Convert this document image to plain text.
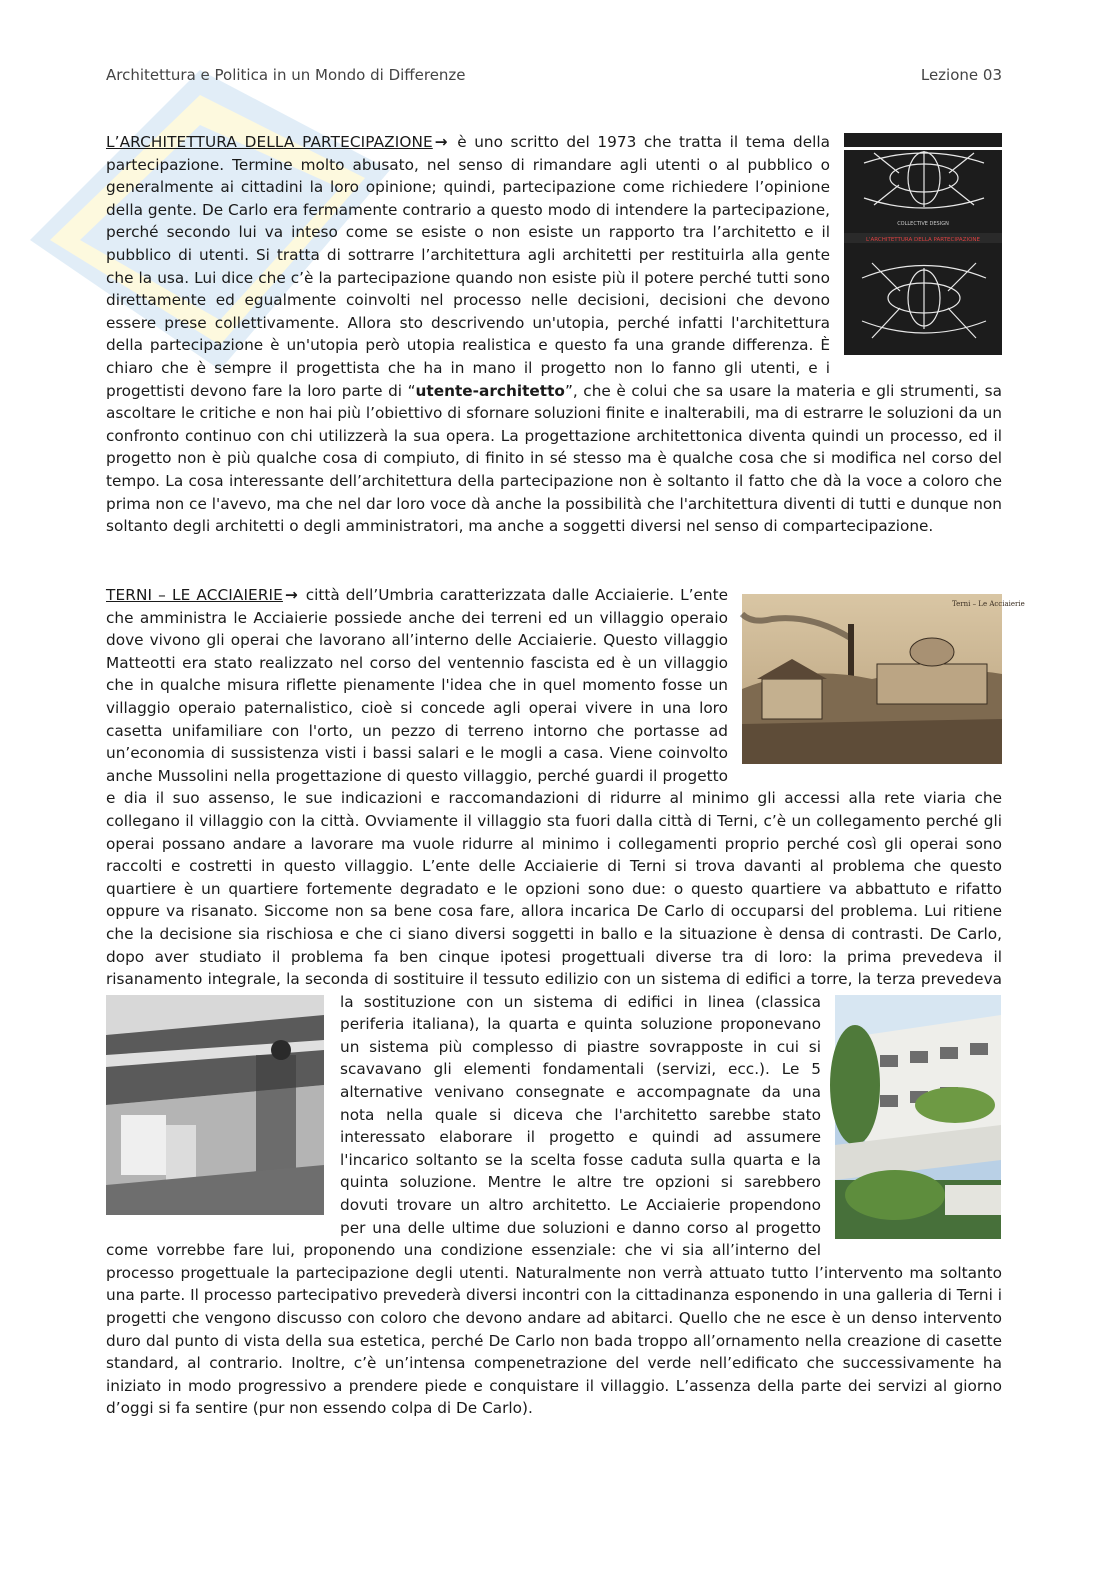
Architettura e Politica in un Mondo di Differenze	Lezione 03
COLLECTIVE DESIGN
L'ARCHITETTURA DELLA PARTECIPAZIONE
L’ARCHITETTURA DELLA PARTECIPAZIONE → è uno scritto del 1973 che tratta il tema della partecipazione. Termine molto abusato, nel senso di rimandare agli utenti o al pubblico o generalmente ai cittadini la loro opinione; quindi, partecipazione come richiedere l’opinione della gente. De Carlo era fermamente contrario a questo modo di intendere la partecipazione, perché secondo lui va inteso come se esiste o non esiste un rapporto tra l’architetto e il pubblico di utenti. Si tratta di sottrarre l’architettura agli architetti per restituirla alla gente che la usa. Lui dice che c’è la partecipazione quando non esiste più il potere perché tutti sono direttamente ed egualmente coinvolti nel processo nelle decisioni, decisioni che devono essere prese collettivamente. Allora sto descrivendo un'utopia, perché infatti l'architettura della partecipazione è un'utopia però utopia realistica e questo fa una grande differenza. È chiaro che è sempre il progettista che ha in mano il progetto non lo fanno gli utenti, e i progettisti devono fare la loro parte di “utente-architetto”, che è colui che sa usare la materia e gli strumenti, sa ascoltare le critiche e non hai più l’obiettivo di sfornare soluzioni finite e inalterabili, ma di estrarre le soluzioni da un confronto continuo con chi utilizzerà la sua opera. La progettazione architettonica diventa quindi un processo, ed il progetto non è più qualche cosa di compiuto, di finito in sé stesso ma è qualche cosa che si modifica nel corso del tempo. La cosa interessante dell’architettura della partecipazione non è soltanto il fatto che dà la voce a coloro che prima non ce l'avevo, ma che nel dar loro voce dà anche la possibilità che l'architettura diventi di tutti e dunque non soltanto degli architetti o degli amministratori, ma anche a soggetti diversi nel senso di compartecipazione.
Terni – Le Acciaierie
TERNI – LE ACCIAIERIE → città dell’Umbria caratterizzata dalle Acciaierie. L’ente che amministra le Acciaierie possiede anche dei terreni ed un villaggio operaio dove vivono gli operai che lavorano all’interno delle Acciaierie. Questo villaggio Matteotti era stato realizzato nel corso del ventennio fascista ed è un villaggio che in qualche misura riflette pienamente l'idea che in quel momento fosse un villaggio operaio paternalistico, cioè si concede agli operai vivere in una loro casetta unifamiliare con l'orto, un pezzo di terreno intorno che portasse ad un’economia di sussistenza visti i bassi salari e le mogli a casa. Viene coinvolto anche Mussolini nella progettazione di questo villaggio, perché guardi il progetto e dia il suo assenso, le sue indicazioni e raccomandazioni di ridurre al minimo gli accessi alla rete viaria che collegano il villaggio con la città. Ovviamente il villaggio sta fuori dalla città di Terni, c’è un collegamento perché gli operai possano andare a lavorare ma vuole ridurre al minimo i collegamenti proprio perché così gli operai sono raccolti e costretti in questo villaggio. L’ente delle Acciaierie di Terni si trova davanti al problema che questo quartiere è un quartiere fortemente degradato e le opzioni sono due: o questo quartiere va abbattuto e rifatto oppure va risanato. Siccome non sa bene cosa fare, allora incarica De Carlo di occuparsi del problema. Lui ritiene che la decisione sia rischiosa e che ci siano diversi soggetti in ballo e la situazione è densa di contrasti. De Carlo, dopo aver studiato il problema fa ben cinque ipotesi progettuali diverse tra di loro: la prima prevedeva il risanamento integrale, la seconda di sostituire il tessuto edilizio con un sistema di edifici a torre, la terza
prevedeva la sostituzione con un sistema di edifici in linea (classica periferia italiana), la quarta e quinta soluzione proponevano un sistema più complesso di piastre sovrapposte in cui si scavavano gli elementi fondamentali (servizi, ecc.). Le 5 alternative venivano consegnate e accompagnate da una nota nella quale si diceva che l'architetto sarebbe stato interessato elaborare il progetto e quindi ad assumere l'incarico soltanto se la scelta fosse caduta sulla quarta e la quinta soluzione. Mentre le altre tre opzioni si sarebbero dovuti trovare un altro architetto. Le Acciaierie propendono per una delle ultime due soluzioni e danno corso al progetto come vorrebbe fare lui, proponendo una condizione essenziale: che vi sia all’interno del processo progettuale la partecipazione degli utenti. Naturalmente non verrà attuato tutto l’intervento ma soltanto una parte. Il processo partecipativo prevederà diversi incontri con la cittadinanza esponendo in una galleria di Terni i progetti che vengono discusso con coloro che devono andare ad abitarci. Quello che ne esce è un denso intervento duro dal punto di vista della sua estetica, perché De Carlo non bada troppo all’ornamento nella creazione di casette standard, al contrario. Inoltre, c’è un’intensa compenetrazione del verde nell’edificato che successivamente ha iniziato in modo progressivo a prendere piede e conquistare il villaggio. L’assenza della parte dei servizi al giorno d’oggi si fa sentire (pur non essendo colpa di De Carlo).
